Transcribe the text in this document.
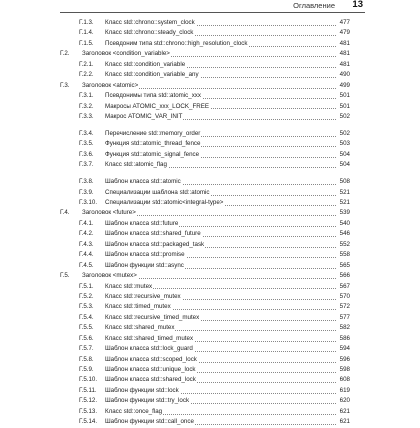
Оглавление 13
Г.1.3. Класс std::chrono::system_clock	477
Г.1.4. Класс std::chrono::steady_clock	479
Г.1.5. Псевдоним типа std::chrono::high_resolution_clock	481
Г.2. Заголовок <condition_variable>	481
Г.2.1. Класс std::condition_variable	481
Г.2.2. Класс std::condition_variable_any	490
Г.3. Заголовок <atomic>	499
Г.3.1. Псевдонимы типа std::atomic_xxx	501
Г.3.2. Макросы ATOMIC_xxx_LOCK_FREE	501
Г.3.3. Макрос ATOMIC_VAR_INIT	502
Г.3.4. Перечисление std::memory_order	502
Г.3.5. Функция std::atomic_thread_fence	503
Г.3.6. Функция std::atomic_signal_fence	504
Г.3.7. Класс std::atomic_flag	504
Г.3.8. Шаблон класса std::atomic	508
Г.3.9. Специализации шаблона std::atomic	521
Г.3.10. Специализации std::atomic<integral-type>	521
Г.4. Заголовок <future>	539
Г.4.1. Шаблон класса std::future	540
Г.4.2. Шаблон класса std::shared_future	546
Г.4.3. Шаблон класса std::packaged_task	552
Г.4.4. Шаблон класса std::promise	558
Г.4.5. Шаблон функции std::async	565
Г.5. Заголовок <mutex>	566
Г.5.1. Класс std::mutex	567
Г.5.2. Класс std::recursive_mutex	570
Г.5.3. Класс std::timed_mutex	572
Г.5.4. Класс std::recursive_timed_mutex	577
Г.5.5. Класс std::shared_mutex	582
Г.5.6. Класс std::shared_timed_mutex	586
Г.5.7. Шаблон класса std::lock_guard	594
Г.5.8. Шаблон класса std::scoped_lock	596
Г.5.9. Шаблон класса std::unique_lock	598
Г.5.10. Шаблон класса std::shared_lock	608
Г.5.11. Шаблон функции std::lock	619
Г.5.12. Шаблон функции std::try_lock	620
Г.5.13. Класс std::once_flag	621
Г.5.14. Шаблон функции std::call_once	621
